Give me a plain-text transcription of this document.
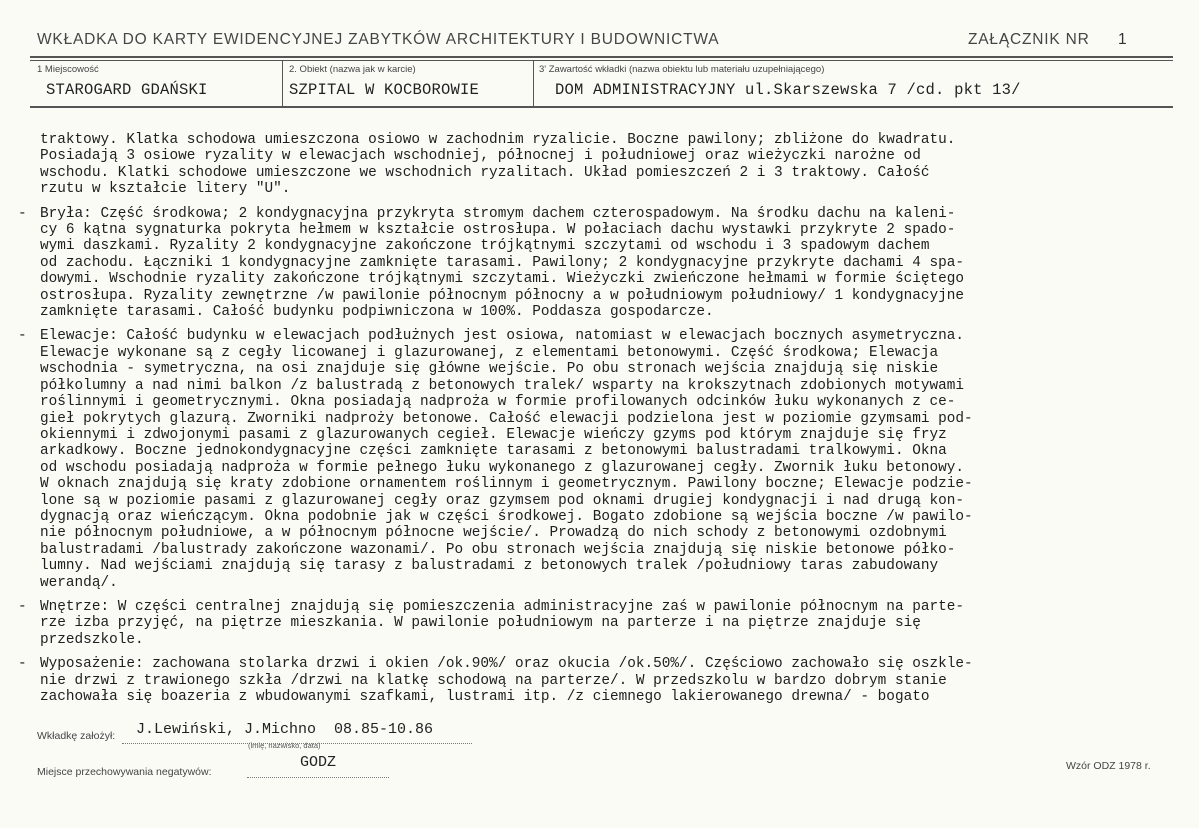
WKŁADKA DO KARTY EWIDENCYJNEJ ZABYTKÓW ARCHITEKTURY I BUDOWNICTWA	ZAŁĄCZNIK NR 1
1 Miejscowość
STAROGARD GDAŃSKI
2. Obiekt (nazwa jak w karcie)
SZPITAL W KOCBOROWIE
3' Zawartość wkładki (nazwa obiektu lub materiału uzupełniającego)
DOM ADMINISTRACYJNY ul.Skarszewska 7 /cd. pkt 13/
traktowy. Klatka schodowa umieszczona osiowo w zachodnim ryzalicie. Boczne pawilony; zbliżone do kwadratu.
Posiadają 3 osiowe ryzality w elewacjach wschodniej, północnej i południowej oraz wieżyczki narożne od
wschodu. Klatki schodowe umieszczone we wschodnich ryzalitach. Układ pomieszczeń 2 i 3 traktowy. Całość
rzutu w kształcie litery "U".
- Bryła: Część środkowa; 2 kondygnacyjna przykryta stromym dachem czterospadowym. Na środku dachu na kaleni-
cy 6 kątna sygnaturka pokryta hełmem w kształcie ostrosłupa. W połaciach dachu wystawki przykryte 2 spado-
wymi daszkami. Ryzality 2 kondygnacyjne zakończone trójkątnymi szczytami od wschodu i 3 spadowym dachem
od zachodu. Łączniki 1 kondygnacyjne zamknięte tarasami. Pawilony; 2 kondygnacyjne przykryte dachami 4 spa-
dowymi. Wschodnie ryzality zakończone trójkątnymi szczytami. Wieżyczki zwieńczone hełmami w formie ściętego
ostrosłupa. Ryzality zewnętrzne /w pawilonie północnym północny a w południowym południowy/ 1 kondygnacyjne
zamknięte tarasami. Całość budynku podpiwniczona w 100%. Poddasza gospodarcze.
- Elewacje: Całość budynku w elewacjach podłużnych jest osiowa, natomiast w elewacjach bocznych asymetryczna.
Elewacje wykonane są z cegły licowanej i glazurowanej, z elementami betonowymi. Część środkowa; Elewacja
wschodnia - symetryczna, na osi znajduje się główne wejście. Po obu stronach wejścia znajdują się niskie
półkolumny a nad nimi balkon /z balustradą z betonowych tralek/ wsparty na krokszytnach zdobionych motywami
roślinnymi i geometrycznymi. Okna posiadają nadproża w formie profilowanych odcinków łuku wykonanych z ce-
gieł pokrytych glazurą. Zworniki nadproży betonowe. Całość elewacji podzielona jest w poziomie gzymsami pod-
okiennymi i zdwojonymi pasami z glazurowanych cegieł. Elewacje wieńczy gzyms pod którym znajduje się fryz
arkadkowy. Boczne jednokondygnacyjne części zamknięte tarasami z betonowymi balustradami tralkowymi. Okna
od wschodu posiadają nadproża w formie pełnego łuku wykonanego z glazurowanej cegły. Zwornik łuku betonowy.
W oknach znajdują się kraty zdobione ornamentem roślinnym i geometrycznym. Pawilony boczne; Elewacje podzie-
lone są w poziomie pasami z glazurowanej cegły oraz gzymsem pod oknami drugiej kondygnacji i nad drugą kon-
dygnacją oraz wieńczącym. Okna podobnie jak w części środkowej. Bogato zdobione są wejścia boczne /w pawilo-
nie północnym południowe, a w północnym północne wejście/. Prowadzą do nich schody z betonowymi ozdobnymi
balustradami /balustrady zakończone wazonami/. Po obu stronach wejścia znajdują się niskie betonowe półko-
lumny. Nad wejściami znajdują się tarasy z balustradami z betonowych tralek /południowy taras zabudowany
werandą/.
- Wnętrze: W części centralnej znajdują się pomieszczenia administracyjne zaś w pawilonie północnym na parte-
rze izba przyjęć, na piętrze mieszkania. W pawilonie południowym na parterze i na piętrze znajduje się
przedszkole.
- Wyposażenie: zachowana stolarka drzwi i okien /ok.90%/ oraz okucia /ok.50%/. Częściowo zachowało się oszkle-
nie drzwi z trawionego szkła /drzwi na klatkę schodową na parterze/. W przedszkolu w bardzo dobrym stanie
zachowała się boazeria z wbudowanymi szafkami, lustrami itp. /z ciemnego lakierowanego drewna/ - bogato
Wkładkę założył: J.Lewiński, J.Michno  08.85-10.86
(imię, nazwisko, data)
Miejsce przechowywania negatywów:
GODZ	Wzór ODZ 1978 r.
